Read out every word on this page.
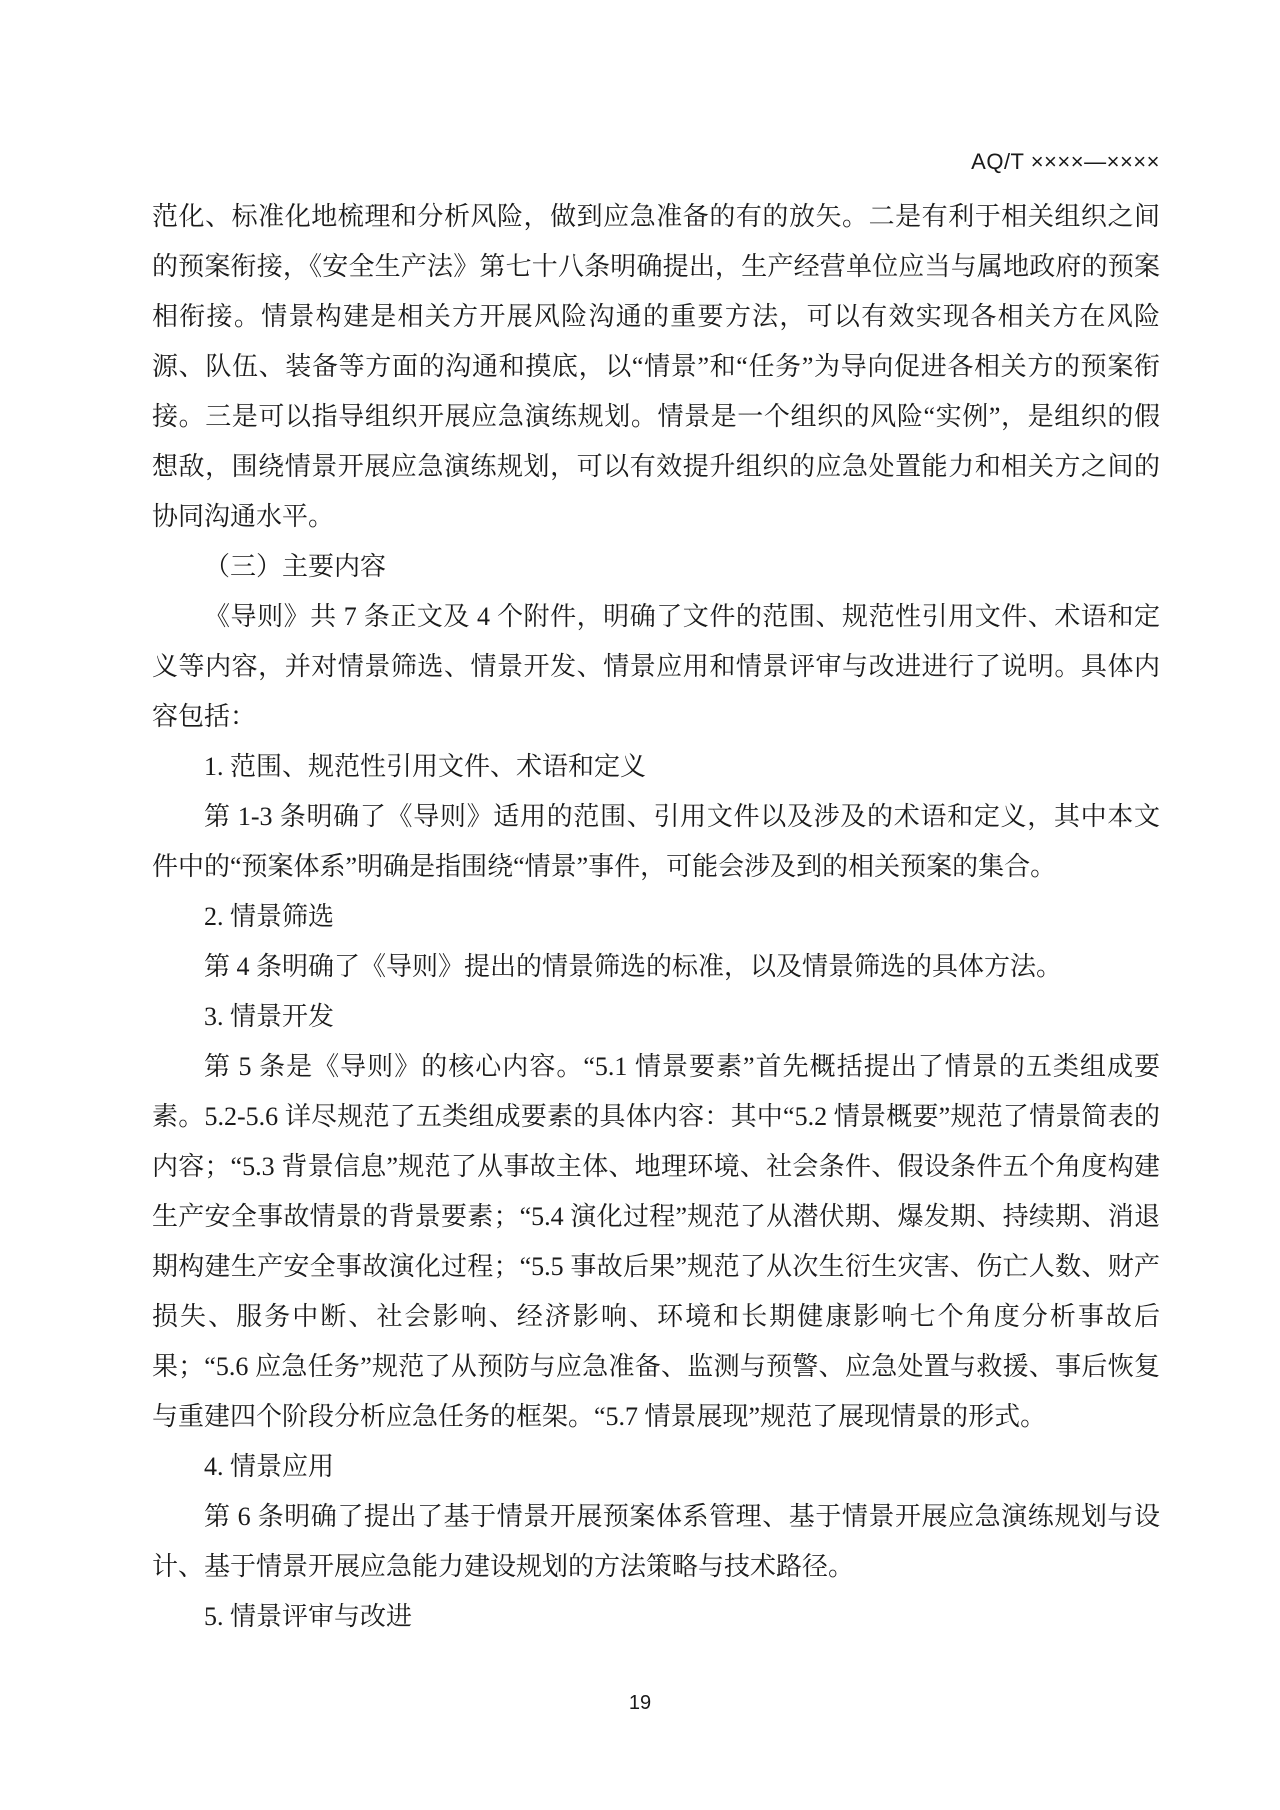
AQ/T ××××—××××

范化、标准化地梳理和分析风险，做到应急准备的有的放矢。二是有利于相关组织之间的预案衔接，《安全生产法》第七十八条明确提出，生产经营单位应当与属地政府的预案相衔接。情景构建是相关方开展风险沟通的重要方法，可以有效实现各相关方在风险源、队伍、装备等方面的沟通和摸底，以“情景”和“任务”为导向促进各相关方的预案衔接。三是可以指导组织开展应急演练规划。情景是一个组织的风险“实例”，是组织的假想敌，围绕情景开展应急演练规划，可以有效提升组织的应急处置能力和相关方之间的协同沟通水平。

（三）主要内容

《导则》共 7 条正文及 4 个附件，明确了文件的范围、规范性引用文件、术语和定义等内容，并对情景筛选、情景开发、情景应用和情景评审与改进进行了说明。具体内容包括：

1. 范围、规范性引用文件、术语和定义

第 1-3 条明确了《导则》适用的范围、引用文件以及涉及的术语和定义，其中本文件中的“预案体系”明确是指围绕“情景”事件，可能会涉及到的相关预案的集合。

2. 情景筛选

第 4 条明确了《导则》提出的情景筛选的标准，以及情景筛选的具体方法。

3. 情景开发

第 5 条是《导则》的核心内容。“5.1 情景要素”首先概括提出了情景的五类组成要素。5.2-5.6 详尽规范了五类组成要素的具体内容：其中“5.2 情景概要”规范了情景简表的内容；“5.3 背景信息”规范了从事故主体、地理环境、社会条件、假设条件五个角度构建生产安全事故情景的背景要素；“5.4 演化过程”规范了从潜伏期、爆发期、持续期、消退期构建生产安全事故演化过程；“5.5 事故后果”规范了从次生衍生灾害、伤亡人数、财产损失、服务中断、社会影响、经济影响、环境和长期健康影响七个角度分析事故后果；“5.6 应急任务”规范了从预防与应急准备、监测与预警、应急处置与救援、事后恢复与重建四个阶段分析应急任务的框架。“5.7 情景展现”规范了展现情景的形式。

4. 情景应用

第 6 条明确了提出了基于情景开展预案体系管理、基于情景开展应急演练规划与设计、基于情景开展应急能力建设规划的方法策略与技术路径。

5. 情景评审与改进

19
